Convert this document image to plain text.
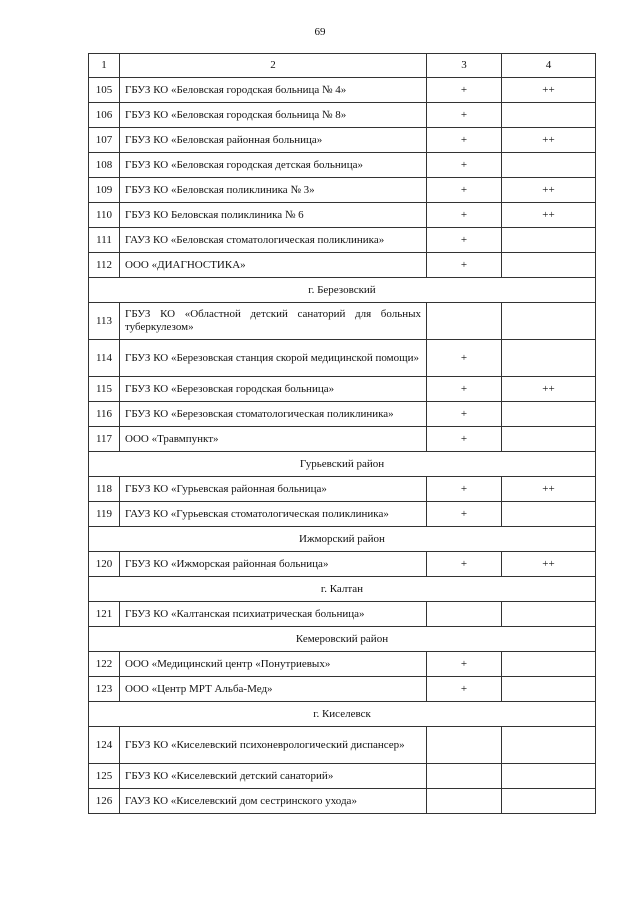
69
1	2	3	4
105	ГБУЗ КО «Беловская городская больница № 4»	+	++
106	ГБУЗ КО «Беловская городская больница № 8»	+	
107	ГБУЗ КО «Беловская районная больница»	+	++
108	ГБУЗ КО «Беловская городская детская больница»	+	
109	ГБУЗ КО «Беловская поликлиника № 3»	+	++
110	ГБУЗ КО Беловская поликлиника № 6	+	++
111	ГАУЗ КО «Беловская стоматологическая поликлиника»	+	
112	ООО «ДИАГНОСТИКА»	+	
г. Березовский			
113	ГБУЗ КО «Областной детский санаторий для больных туберкулезом»		
114	ГБУЗ КО «Березовская станция скорой медицинской помощи»	+	
115	ГБУЗ КО «Березовская городская больница»	+	++
116	ГБУЗ КО «Березовская стоматологическая поликлиника»	+	
117	ООО «Травмпункт»	+	
Гурьевский район			
118	ГБУЗ КО «Гурьевская районная больница»	+	++
119	ГАУЗ КО «Гурьевская стоматологическая поликлиника»	+	
Ижморский район			
120	ГБУЗ КО «Ижморская районная больница»	+	++
г. Калтан			
121	ГБУЗ КО «Калтанская психиатрическая больница»		
Кемеровский район			
122	ООО «Медицинский центр «Понутриевых»	+	
123	ООО «Центр МРТ Альба-Мед»	+	
г. Киселевск			
124	ГБУЗ КО «Киселевский психоневрологический диспансер»		
125	ГБУЗ КО «Киселевский детский санаторий»		
126	ГАУЗ КО «Киселевский дом сестринского ухода»		
